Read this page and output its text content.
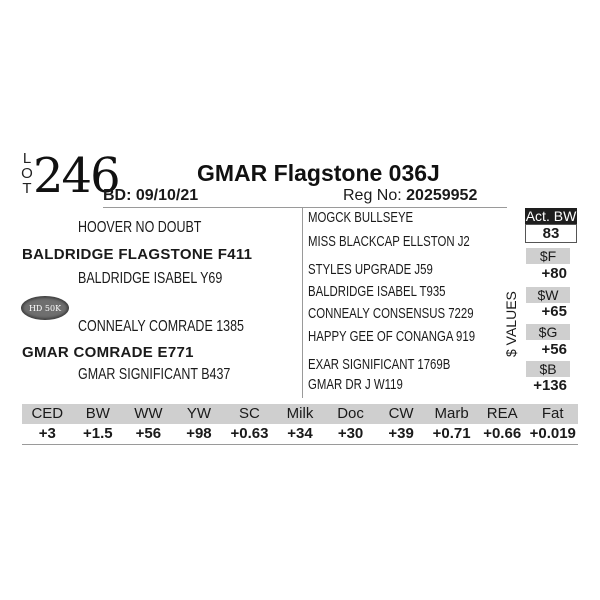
L
O
T 246	GMAR Flagstone 036J
BD: 09/10/21	Reg No: 20259952
HOOVER NO DOUBT
BALDRIDGE FLAGSTONE F411
BALDRIDGE ISABEL Y69
HD 50K
CONNEALY COMRADE 1385
GMAR COMRADE E771
GMAR SIGNIFICANT B437
MOGCK BULLSEYE
MISS BLACKCAP ELLSTON J2
STYLES UPGRADE J59
BALDRIDGE ISABEL T935
CONNEALY CONSENSUS 7229
HAPPY GEE OF CONANGA 919
EXAR SIGNIFICANT 1769B
GMAR DR J W119
Act. BW
83
$ VALUES
$F
+80
$W
+65
$G
+56
$B
+136
CED	BW	WW	YW	SC	Milk	Doc	CW	Marb	REA	Fat
+3	+1.5	+56	+98	+0.63	+34	+30	+39	+0.71 +0.66 +0.019
